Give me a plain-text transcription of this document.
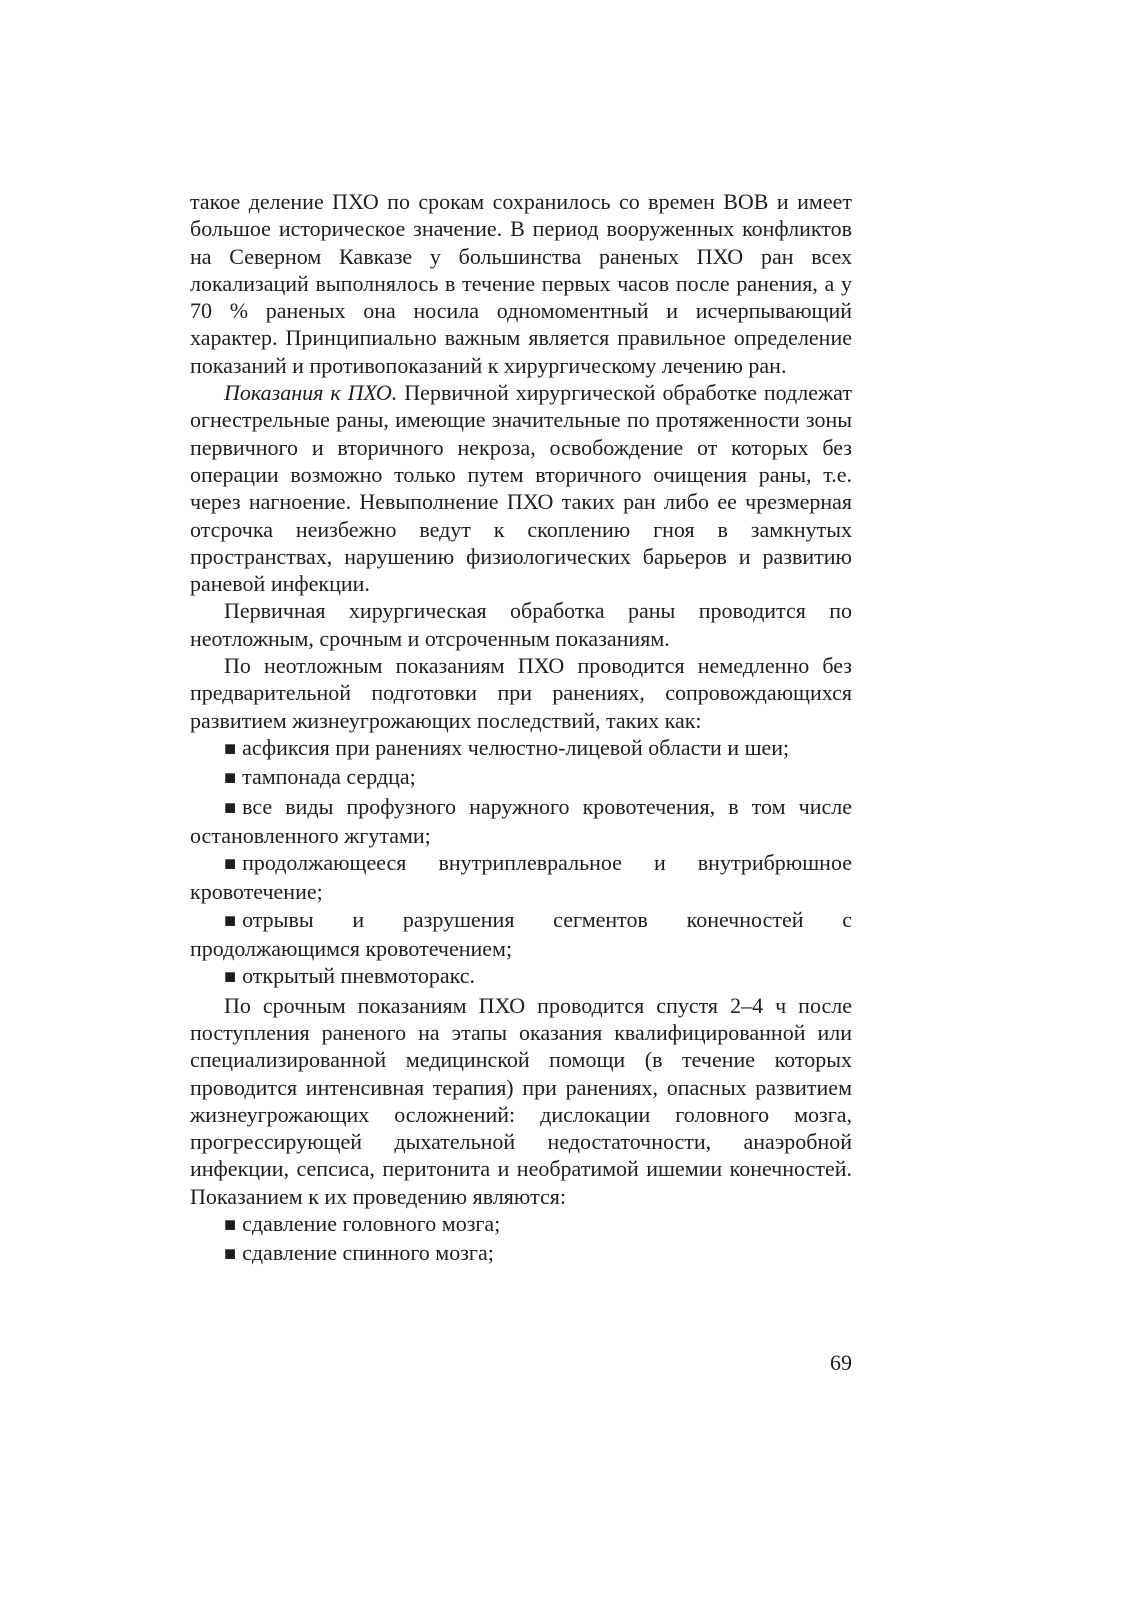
такое деление ПХО по срокам сохранилось со времен ВОВ и имеет большое историческое значение. В период вооруженных конфликтов на Северном Кавказе у большинства раненых ПХО ран всех локализаций выполнялось в течение первых часов после ранения, а у 70 % раненых она носила одномоментный и исчерпывающий характер. Принципиально важным является правильное определение показаний и противопоказаний к хирургическому лечению ран.

Показания к ПХО. Первичной хирургической обработке подлежат огнестрельные раны, имеющие значительные по протяженности зоны первичного и вторичного некроза, освобождение от которых без операции возможно только путем вторичного очищения раны, т.е. через нагноение. Невыполнение ПХО таких ран либо ее чрезмерная отсрочка неизбежно ведут к скоплению гноя в замкнутых пространствах, нарушению физиологических барьеров и развитию раневой инфекции.

Первичная хирургическая обработка раны проводится по неотложным, срочным и отсроченным показаниям.

По неотложным показаниям ПХО проводится немедленно без предварительной подготовки при ранениях, сопровождающихся развитием жизнеугрожающих последствий, таких как:

■ асфиксия при ранениях челюстно-лицевой области и шеи;

■ тампонада сердца;

■ все виды профузного наружного кровотечения, в том числе остановленного жгутами;

■ продолжающееся внутриплевральное и внутрибрюшное кровотечение;

■ отрывы и разрушения сегментов конечностей с продолжающимся кровотечением;

■ открытый пневмоторакс.

По срочным показаниям ПХО проводится спустя 2–4 ч после поступления раненого на этапы оказания квалифицированной или специализированной медицинской помощи (в течение которых проводится интенсивная терапия) при ранениях, опасных развитием жизнеугрожающих осложнений: дислокации головного мозга, прогрессирующей дыхательной недостаточности, анаэробной инфекции, сепсиса, перитонита и необратимой ишемии конечностей. Показанием к их проведению являются:

■ сдавление головного мозга;

■ сдавление спинного мозга;

69
